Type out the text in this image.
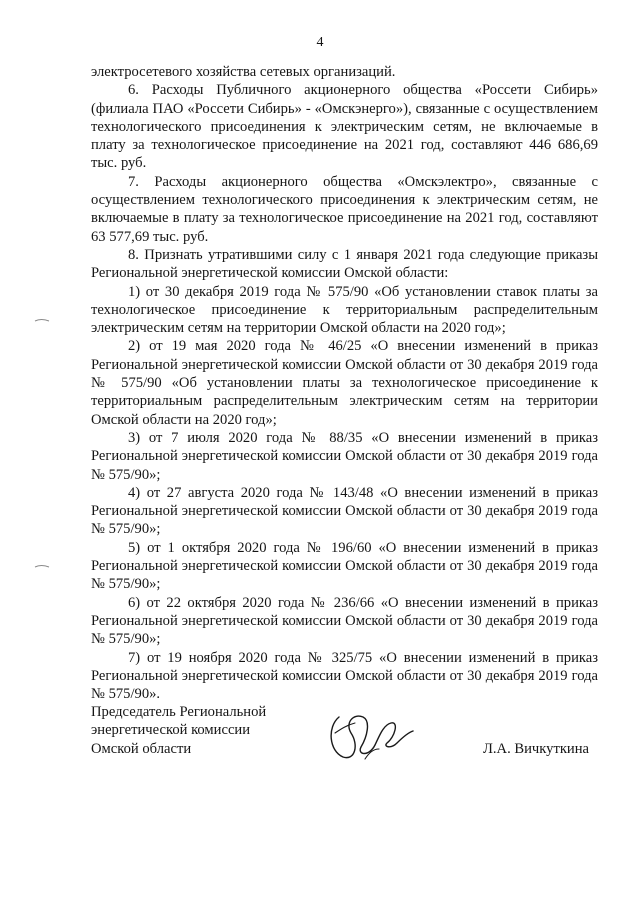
4

электросетевого хозяйства сетевых организаций.

6. Расходы Публичного акционерного общества «Россети Сибирь» (филиала ПАО «Россети Сибирь» - «Омскэнерго»), связанные с осуществлением технологического присоединения к электрическим сетям, не включаемые в плату за технологическое присоединение на 2021 год, составляют 446 686,69 тыс. руб.

7. Расходы акционерного общества «Омскэлектро», связанные с осуществлением технологического присоединения к электрическим сетям, не включаемые в плату за технологическое присоединение на 2021 год, составляют 63 577,69 тыс. руб.

8. Признать утратившими силу с 1 января 2021 года следующие приказы Региональной энергетической комиссии Омской области:

1) от 30 декабря 2019 года № 575/90 «Об установлении ставок платы за технологическое присоединение к территориальным распределительным электрическим сетям на территории Омской области на 2020 год»;

2) от 19 мая 2020 года № 46/25 «О внесении изменений в приказ Региональной энергетической комиссии Омской области от 30 декабря 2019 года № 575/90 «Об установлении платы за технологическое присоединение к территориальным распределительным электрическим сетям на территории Омской области на 2020 год»;

3) от 7 июля 2020 года № 88/35 «О внесении изменений в приказ Региональной энергетической комиссии Омской области от 30 декабря 2019 года № 575/90»;

4) от 27 августа 2020 года № 143/48 «О внесении изменений в приказ Региональной энергетической комиссии Омской области от 30 декабря 2019 года № 575/90»;

5) от 1 октября 2020 года № 196/60 «О внесении изменений в приказ Региональной энергетической комиссии Омской области от 30 декабря 2019 года № 575/90»;

6) от 22 октября 2020 года № 236/66 «О внесении изменений в приказ Региональной энергетической комиссии Омской области от 30 декабря 2019 года № 575/90»;

7) от 19 ноября 2020 года № 325/75 «О внесении изменений в приказ Региональной энергетической комиссии Омской области от 30 декабря 2019 года № 575/90».

Председатель Региональной
энергетической комиссии
Омской области	Л.А. Вичкуткина
